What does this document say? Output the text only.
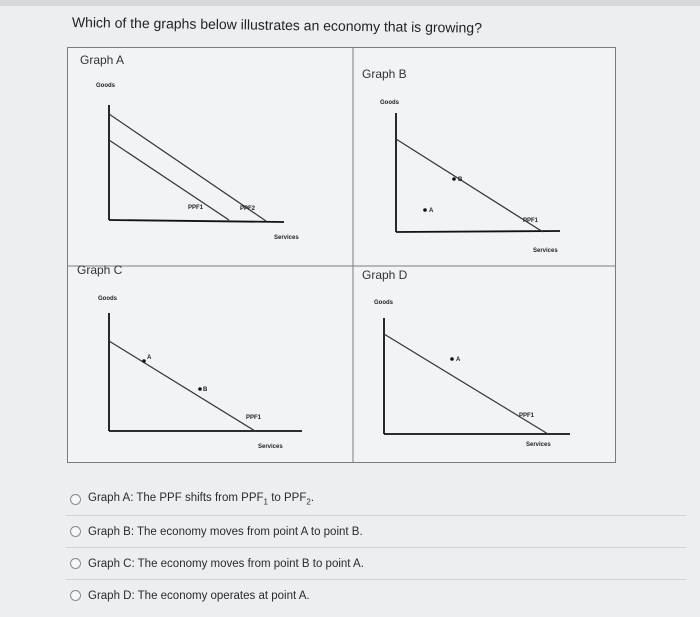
Which of the graphs below illustrates an economy that is growing?
Graph A
Goods
PPF1	PPF2
Services
Graph B
Goods
A
B
PPF1
Services
Graph C
Goods
A
B
PPF1
Services
Graph D
Goods
A
PPF1
Services
Graph A: The PPF shifts from $PPF_1$ to $PPF_2$.
Graph B: The economy moves from point A to point B.
Graph C: The economy moves from point B to point A.
Graph D: The economy operates at point A.
